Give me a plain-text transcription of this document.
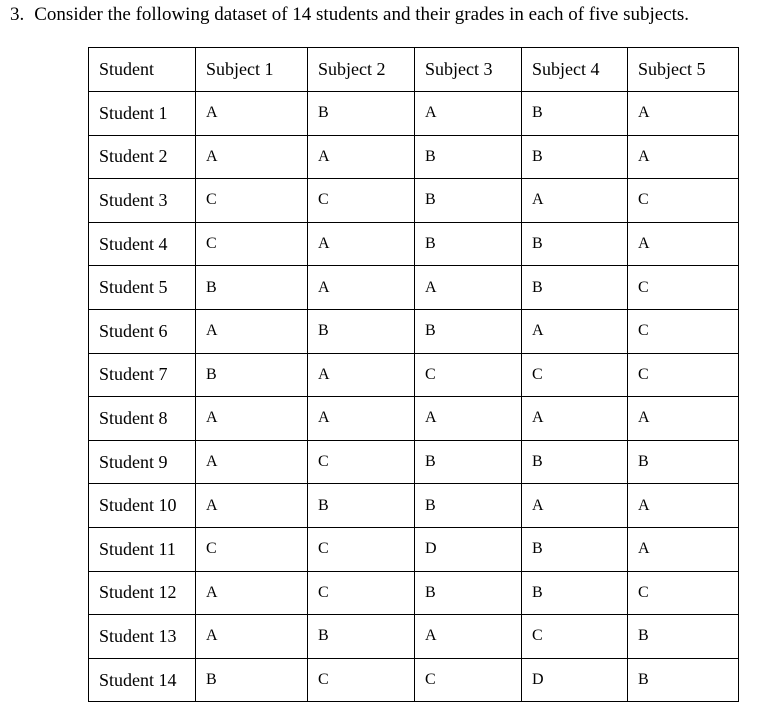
3. Consider the following dataset of 14 students and their grades in each of five subjects.
Student	Subject 1	Subject 2	Subject 3	Subject 4	Subject 5
Student 1	A	B	A	B	A
Student 2	A	A	B	B	A
Student 3	C	C	B	A	C
Student 4	C	A	B	B	A
Student 5	B	A	A	B	C
Student 6	A	B	B	A	C
Student 7	B	A	C	C	C
Student 8	A	A	A	A	A
Student 9	A	C	B	B	B
Student 10	A	B	B	A	A
Student 11	C	C	D	B	A
Student 12	A	C	B	B	C
Student 13	A	B	A	C	B
Student 14	B	C	C	D	B
